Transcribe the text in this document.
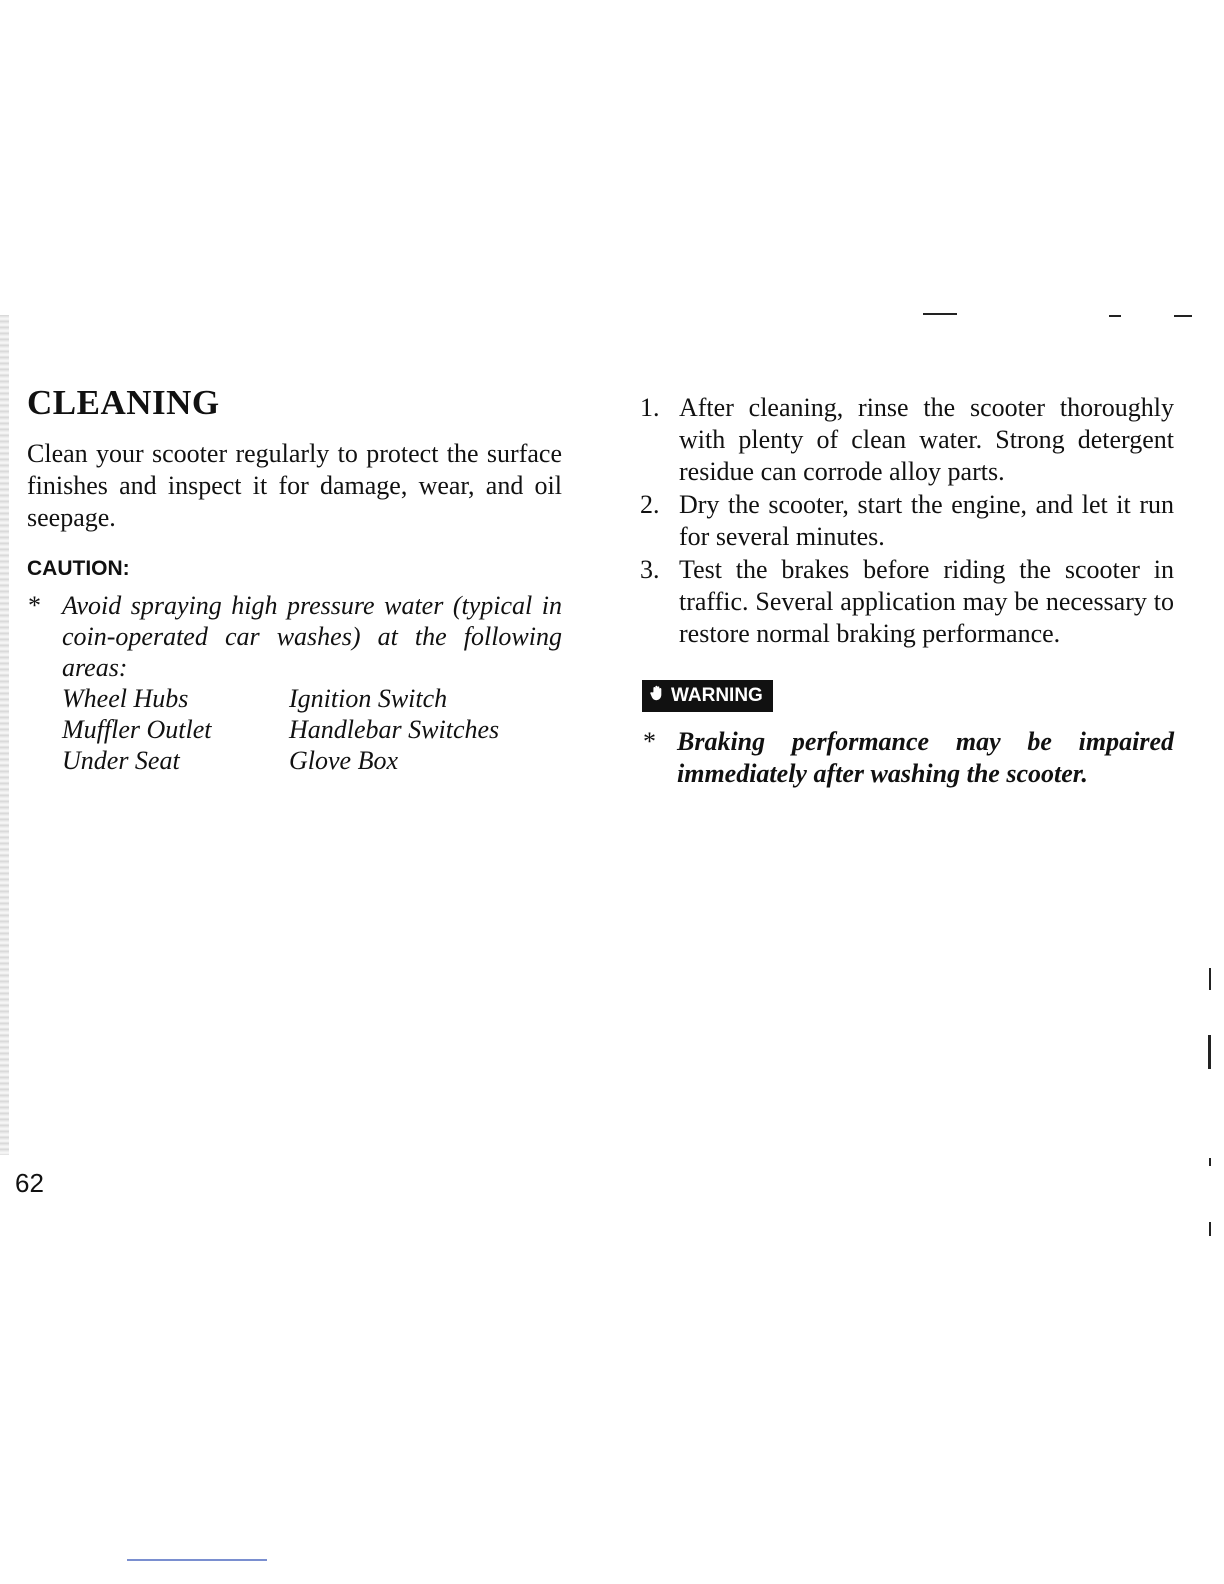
CLEANING

Clean your scooter regularly to protect the surface finishes and inspect it for damage, wear, and oil seepage.

CAUTION:
* Avoid spraying high pressure water (typical in coin-operated car washes) at the following areas:
Wheel Hubs	Ignition Switch
Muffler Outlet	Handlebar Switches
Under Seat	Glove Box
1. After cleaning, rinse the scooter thoroughly with plenty of clean water. Strong detergent residue can corrode alloy parts.
2. Dry the scooter, start the engine, and let it run for several minutes.
3. Test the brakes before riding the scooter in traffic. Several application may be necessary to restore normal braking performance.
WARNING
* Braking performance may be impaired immediately after washing the scooter.
62
